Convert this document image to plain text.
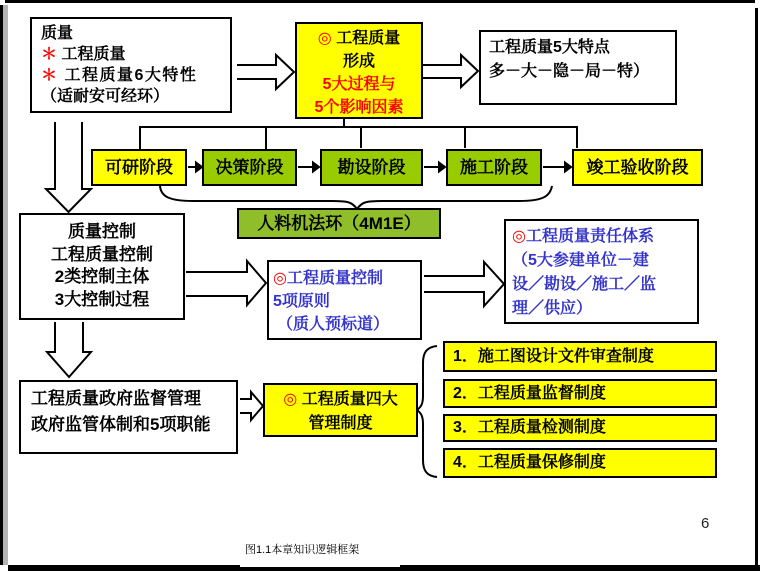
质量
＊ 工程质量
＊ 工程质量6大特性
（适耐安可经环）
◎ 工程质量
形成
5大过程与
5个影响因素
工程质量5大特点
多－大－隐－局－特）
可研阶段	决策阶段	勘设阶段	施工阶段	竣工验收阶段
人料机法环（4M1E）
质量控制
工程质量控制
2类控制主体
3大控制过程
◎工程质量控制
5项原则
（质人预标道）
◎工程质量责任体系
（5大参建单位－建
设／勘设／施工／监
理／供应）
工程质量政府监督管理
政府监管体制和5项职能
◎ 工程质量四大
管理制度
1．施工图设计文件审查制度
2．工程质量监督制度
3．工程质量检测制度
4．工程质量保修制度
图1.1本章知识逻辑框架
6
